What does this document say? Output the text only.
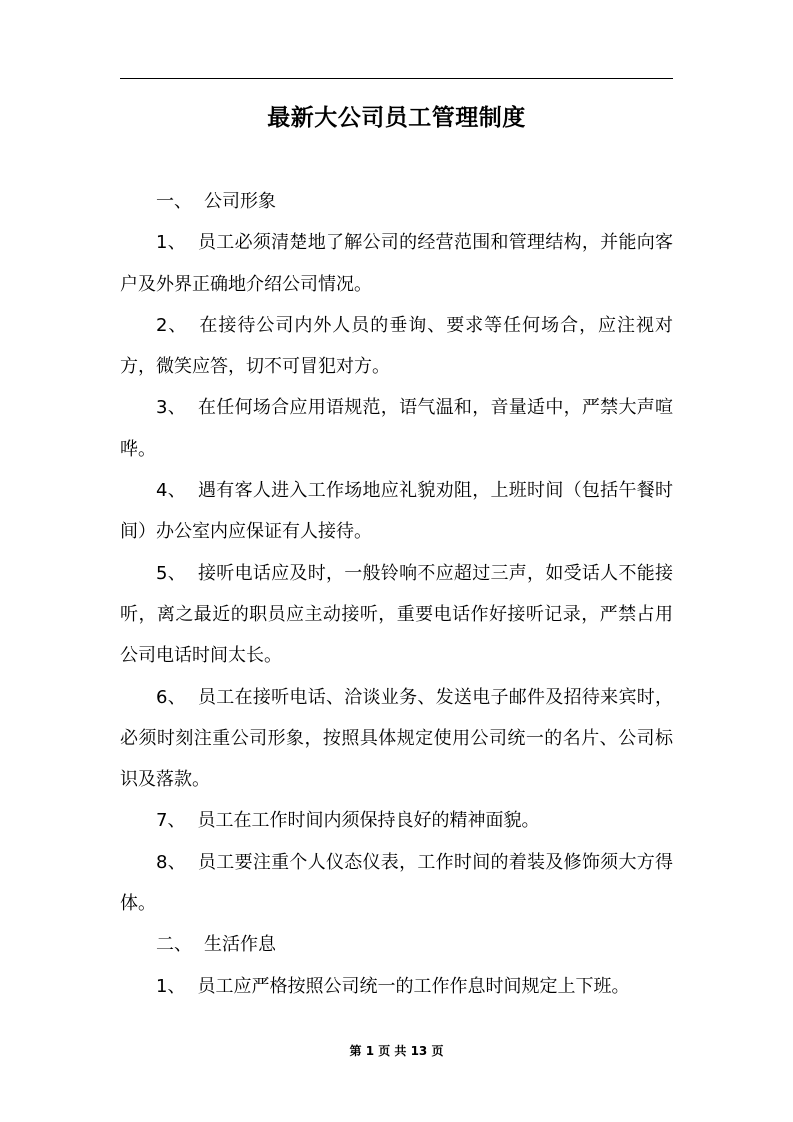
最新大公司员工管理制度

一、 公司形象

1、 员工必须清楚地了解公司的经营范围和管理结构，并能向客户及外界正确地介绍公司情况。

2、 在接待公司内外人员的垂询、要求等任何场合，应注视对方，微笑应答，切不可冒犯对方。

3、 在任何场合应用语规范，语气温和，音量适中，严禁大声喧哗。

4、 遇有客人进入工作场地应礼貌劝阻，上班时间（包括午餐时间）办公室内应保证有人接待。

5、 接听电话应及时，一般铃响不应超过三声，如受话人不能接听，离之最近的职员应主动接听，重要电话作好接听记录，严禁占用公司电话时间太长。

6、 员工在接听电话、洽谈业务、发送电子邮件及招待来宾时，必须时刻注重公司形象，按照具体规定使用公司统一的名片、公司标识及落款。

7、 员工在工作时间内须保持良好的精神面貌。

8、 员工要注重个人仪态仪表，工作时间的着装及修饰须大方得体。

二、 生活作息

1、 员工应严格按照公司统一的工作作息时间规定上下班。

第 1 页 共 13 页
